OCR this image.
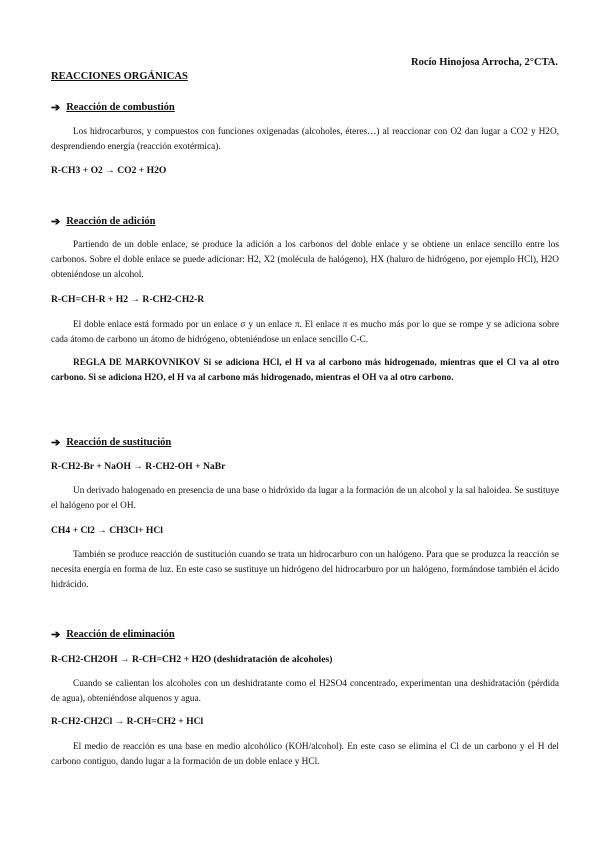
Rocío Hinojosa Arrocha, 2°CTA.
REACCIONES ORGÁNICAS
➔ Reacción de combustión
Los hidrocarburos, y compuestos con funciones oxigenadas (alcoholes, éteres…) al reaccionar con O2 dan lugar a CO2 y H2O, desprendiendo energía (reacción exotérmica).
R-CH3 + O2 → CO2 + H2O
➔ Reacción de adición
Partiendo de un doble enlace, se produce la adición a los carbonos del doble enlace y se obtiene un enlace sencillo entre los carbonos. Sobre el doble enlace se puede adicionar: H2, X2 (molécula de halógeno), HX (haluro de hidrógeno, por ejemplo HCl), H2O obteniéndose un alcohol.
R-CH=CH-R + H2 → R-CH2-CH2-R
El doble enlace está formado por un enlace σ y un enlace π. El enlace π es mucho más por lo que se rompe y se adiciona sobre cada átomo de carbono un átomo de hidrógeno, obteniéndose un enlace sencillo C-C.
REGLA DE MARKOVNIKOV Si se adiciona HCl, el H va al carbono más hidrogenado, mientras que el Cl va al otro carbono. Si se adiciona H2O, el H va al carbono más hidrogenado, mientras el OH va al otro carbono.
➔ Reacción de sustitución
R-CH2-Br + NaOH → R-CH2-OH + NaBr
Un derivado halogenado en presencia de una base o hidróxido da lugar a la formación de un alcohol y la sal haloidea. Se sustituye el halógeno por el OH.
CH4 + Cl2 → CH3Cl+ HCl
También se produce reacción de sustitución cuando se trata un hidrocarburo con un halógeno. Para que se produzca la reacción se necesita energía en forma de luz. En este caso se sustituye un hidrógeno del hidrocarburo por un halógeno, formándose también el ácido hidrácido.
➔ Reacción de eliminación
R-CH2-CH2OH → R-CH=CH2 + H2O (deshidratación de alcoholes)
Cuando se calientan los alcoholes con un deshidratante como el H2SO4 concentrado, experimentan una deshidratación (pérdida de agua), obteniéndose alquenos y agua.
R-CH2-CH2Cl → R-CH=CH2 + HCl
El medio de reacción es una base en medio alcohólico (KOH/alcohol). En este caso se elimina el Cl de un carbono y el H del carbono contiguo, dando lugar a la formación de un doble enlace y HCl.
